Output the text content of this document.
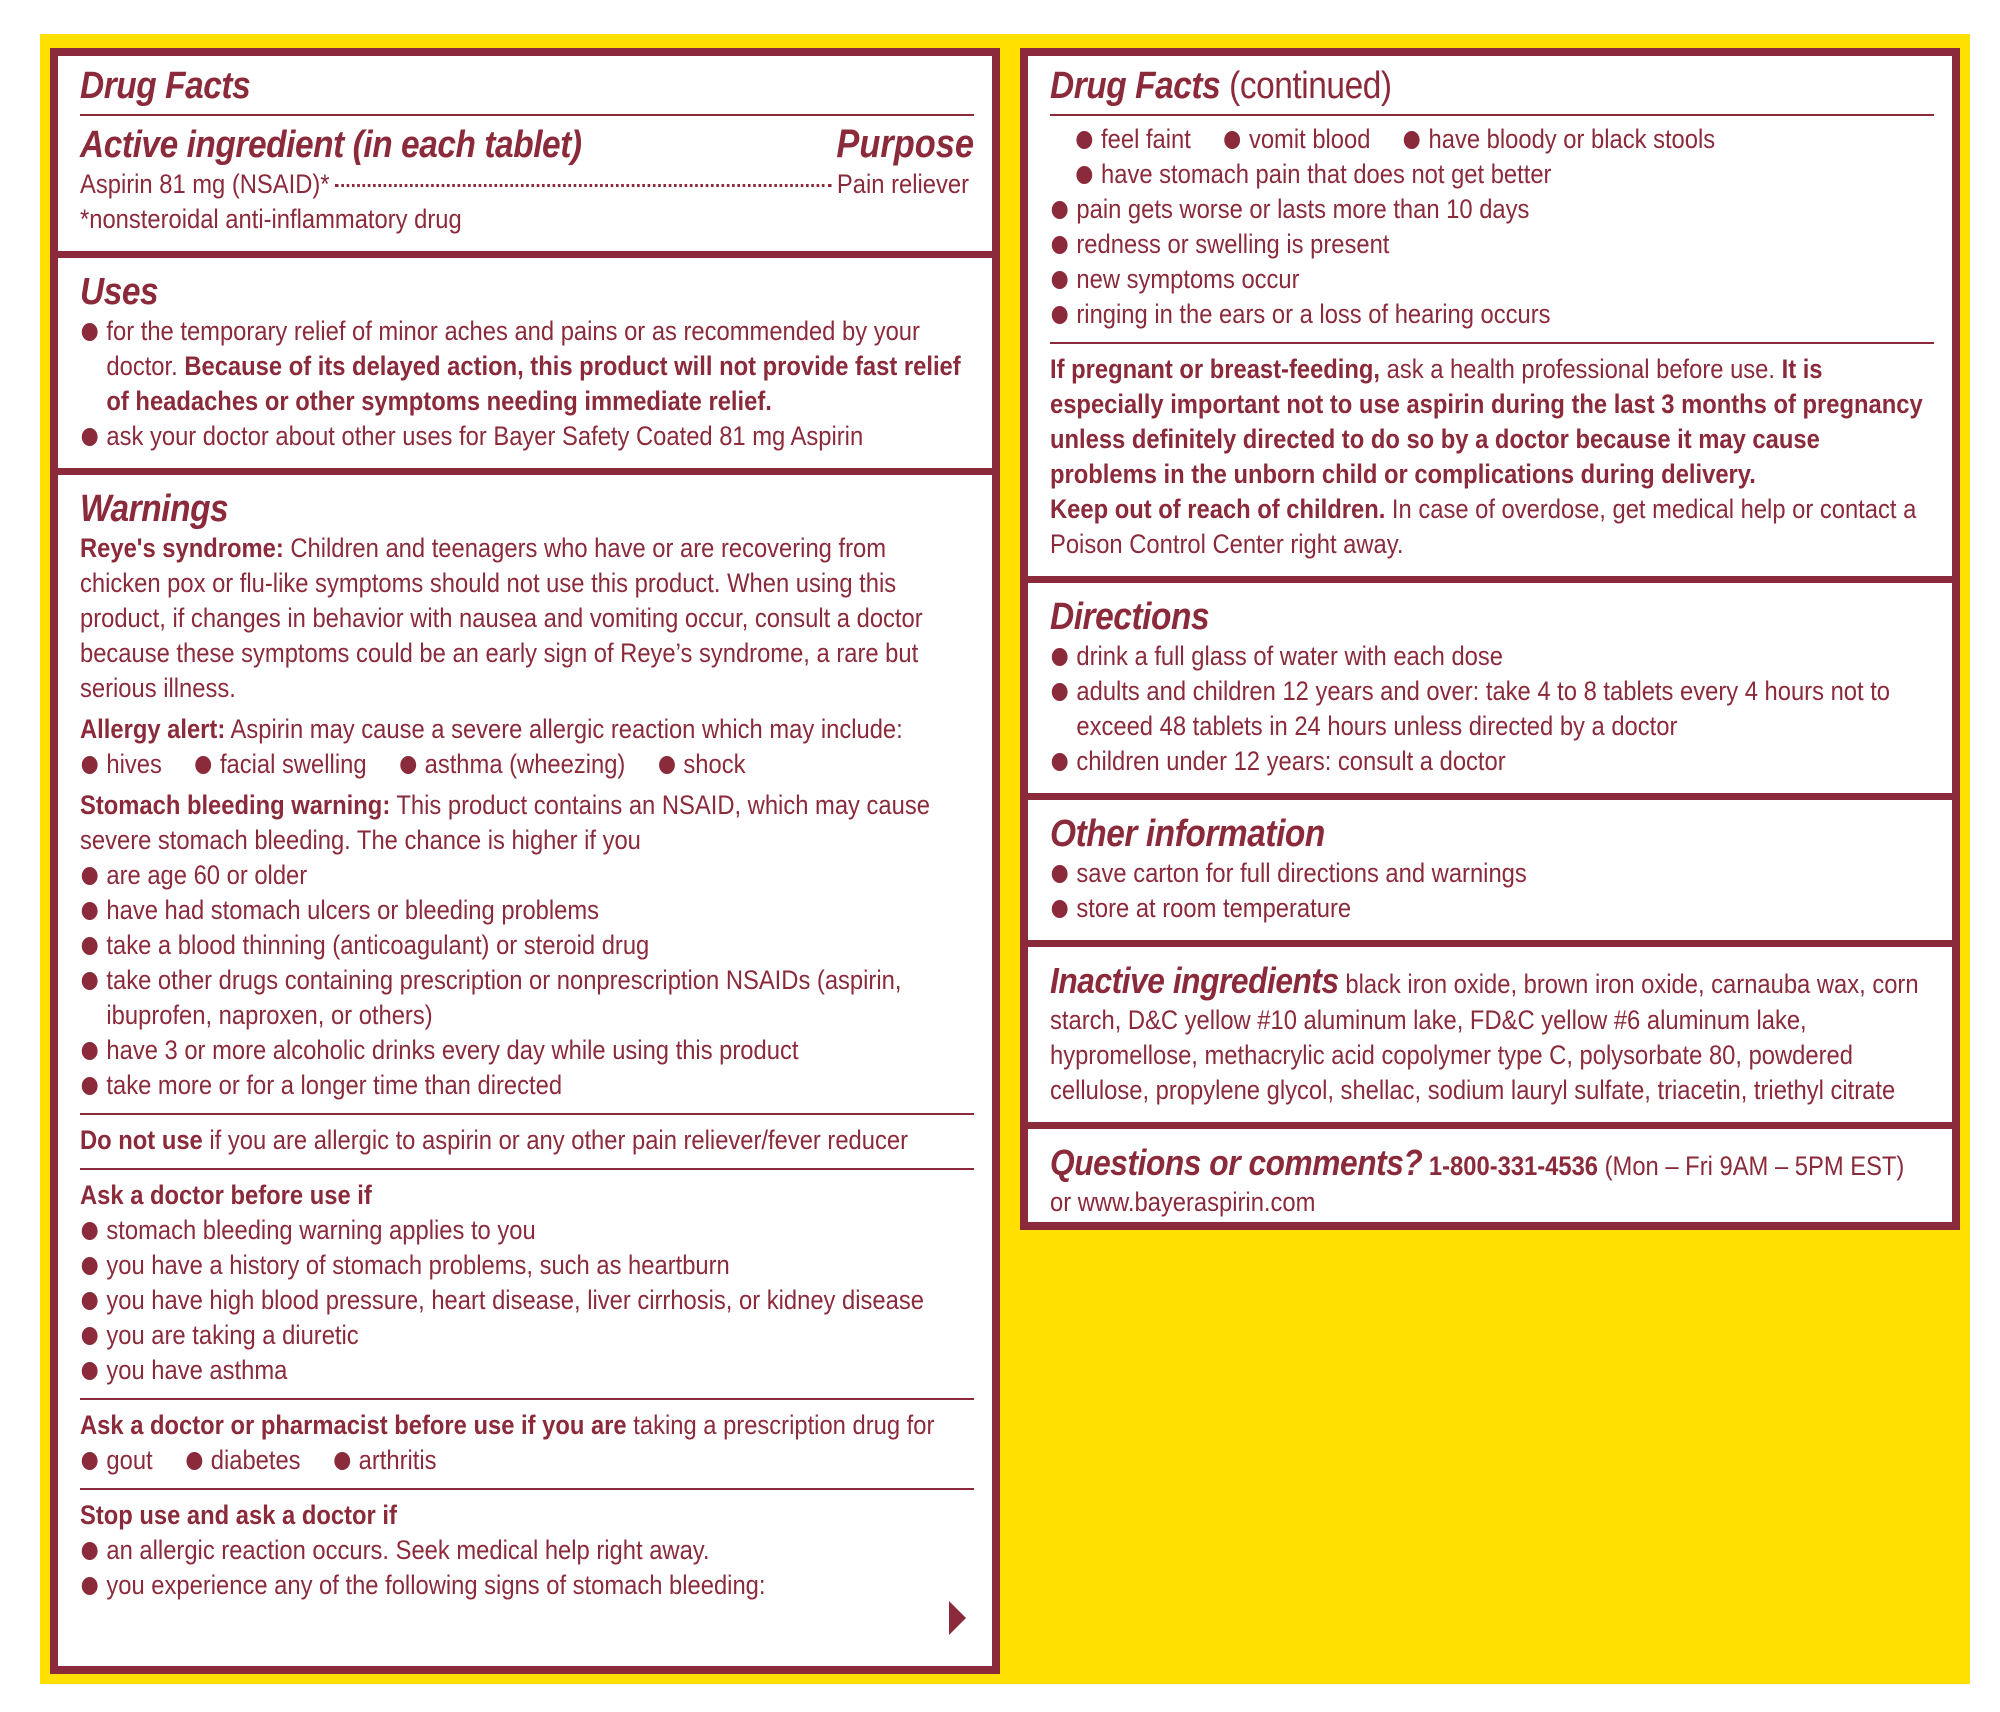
Drug Facts
Active ingredient (in each tablet)	Purpose
Aspirin 81 mg (NSAID)*	Pain reliever
*nonsteroidal anti-inflammatory drug
Uses
for the temporary relief of minor aches and pains or as recommended by your doctor. Because of its delayed action, this product will not provide fast relief of headaches or other symptoms needing immediate relief.
ask your doctor about other uses for Bayer Safety Coated 81 mg Aspirin
Warnings
Reye's syndrome: Children and teenagers who have or are recovering from chicken pox or flu-like symptoms should not use this product. When using this product, if changes in behavior with nausea and vomiting occur, consult a doctor because these symptoms could be an early sign of Reye’s syndrome, a rare but serious illness.
Allergy alert: Aspirin may cause a severe allergic reaction which may include:
hives facial swelling asthma (wheezing) shock
Stomach bleeding warning: This product contains an NSAID, which may cause severe stomach bleeding. The chance is higher if you
are age 60 or older
have had stomach ulcers or bleeding problems
take a blood thinning (anticoagulant) or steroid drug
take other drugs containing prescription or nonprescription NSAIDs (aspirin, ibuprofen, naproxen, or others)
have 3 or more alcoholic drinks every day while using this product
take more or for a longer time than directed
Do not use if you are allergic to aspirin or any other pain reliever/fever reducer
Ask a doctor before use if
stomach bleeding warning applies to you
you have a history of stomach problems, such as heartburn
you have high blood pressure, heart disease, liver cirrhosis, or kidney disease
you are taking a diuretic
you have asthma
Ask a doctor or pharmacist before use if you are taking a prescription drug for
gout diabetes arthritis
Stop use and ask a doctor if
an allergic reaction occurs. Seek medical help right away.
you experience any of the following signs of stomach bleeding:
Drug Facts (continued)
feel faint vomit blood have bloody or black stools
have stomach pain that does not get better
pain gets worse or lasts more than 10 days
redness or swelling is present
new symptoms occur
ringing in the ears or a loss of hearing occurs
If pregnant or breast-feeding, ask a health professional before use. It is especially important not to use aspirin during the last 3 months of pregnancy unless definitely directed to do so by a doctor because it may cause problems in the unborn child or complications during delivery.
Keep out of reach of children. In case of overdose, get medical help or contact a Poison Control Center right away.
Directions
drink a full glass of water with each dose
adults and children 12 years and over: take 4 to 8 tablets every 4 hours not to exceed 48 tablets in 24 hours unless directed by a doctor
children under 12 years: consult a doctor
Other information
save carton for full directions and warnings
store at room temperature
Inactive ingredients black iron oxide, brown iron oxide, carnauba wax, corn starch, D&C yellow #10 aluminum lake, FD&C yellow #6 aluminum lake, hypromellose, methacrylic acid copolymer type C, polysorbate 80, powdered cellulose, propylene glycol, shellac, sodium lauryl sulfate, triacetin, triethyl citrate
Questions or comments? 1-800-331-4536 (Mon – Fri 9AM – 5PM EST)
or www.bayeraspirin.com
